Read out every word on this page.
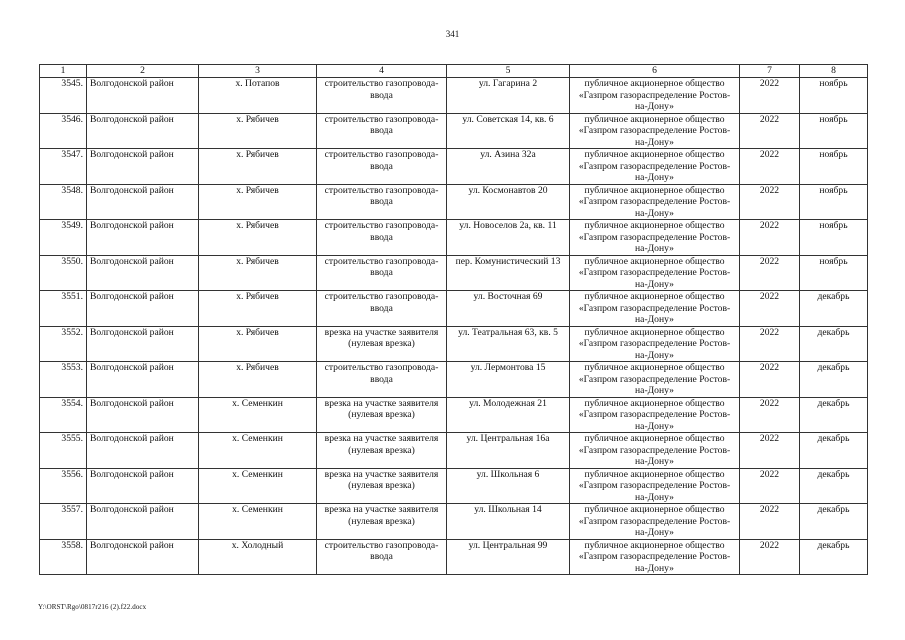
341
1	2	3	4	5	6	7	8
3545.	Волгодонской район	х. Потапов	строительство газопровода-ввода	ул. Гагарина 2	публичное акционерное общество «Газпром газораспределение Ростов-на-Дону»	2022	ноябрь
3546.	Волгодонской район	х. Рябичев	строительство газопровода-ввода	ул. Советская 14, кв. 6	публичное акционерное общество «Газпром газораспределение Ростов-на-Дону»	2022	ноябрь
3547.	Волгодонской район	х. Рябичев	строительство газопровода-ввода	ул. Азина 32а	публичное акционерное общество «Газпром газораспределение Ростов-на-Дону»	2022	ноябрь
3548.	Волгодонской район	х. Рябичев	строительство газопровода-ввода	ул. Космонавтов 20	публичное акционерное общество «Газпром газораспределение Ростов-на-Дону»	2022	ноябрь
3549.	Волгодонской район	х. Рябичев	строительство газопровода-ввода	ул. Новоселов 2а, кв. 11	публичное акционерное общество «Газпром газораспределение Ростов-на-Дону»	2022	ноябрь
3550.	Волгодонской район	х. Рябичев	строительство газопровода-ввода	пер. Комунистический 13	публичное акционерное общество «Газпром газораспределение Ростов-на-Дону»	2022	ноябрь
3551.	Волгодонской район	х. Рябичев	строительство газопровода-ввода	ул. Восточная 69	публичное акционерное общество «Газпром газораспределение Ростов-на-Дону»	2022	декабрь
3552.	Волгодонской район	х. Рябичев	врезка на участке заявителя (нулевая врезка)	ул. Театральная 63, кв. 5	публичное акционерное общество «Газпром газораспределение Ростов-на-Дону»	2022	декабрь
3553.	Волгодонской район	х. Рябичев	строительство газопровода-ввода	ул. Лермонтова 15	публичное акционерное общество «Газпром газораспределение Ростов-на-Дону»	2022	декабрь
3554.	Волгодонской район	х. Семенкин	врезка на участке заявителя (нулевая врезка)	ул. Молодежная 21	публичное акционерное общество «Газпром газораспределение Ростов-на-Дону»	2022	декабрь
3555.	Волгодонской район	х. Семенкин	врезка на участке заявителя (нулевая врезка)	ул. Центральная 16а	публичное акционерное общество «Газпром газораспределение Ростов-на-Дону»	2022	декабрь
3556.	Волгодонской район	х. Семенкин	врезка на участке заявителя (нулевая врезка)	ул. Школьная 6	публичное акционерное общество «Газпром газораспределение Ростов-на-Дону»	2022	декабрь
3557.	Волгодонской район	х. Семенкин	врезка на участке заявителя (нулевая врезка)	ул. Школьная 14	публичное акционерное общество «Газпром газораспределение Ростов-на-Дону»	2022	декабрь
3558.	Волгодонской район	х. Холодный	строительство газопровода-ввода	ул. Центральная 99	публичное акционерное общество «Газпром газораспределение Ростов-на-Дону»	2022	декабрь
Y:\ORST\Rgo\0817r216 (2).f22.docx
